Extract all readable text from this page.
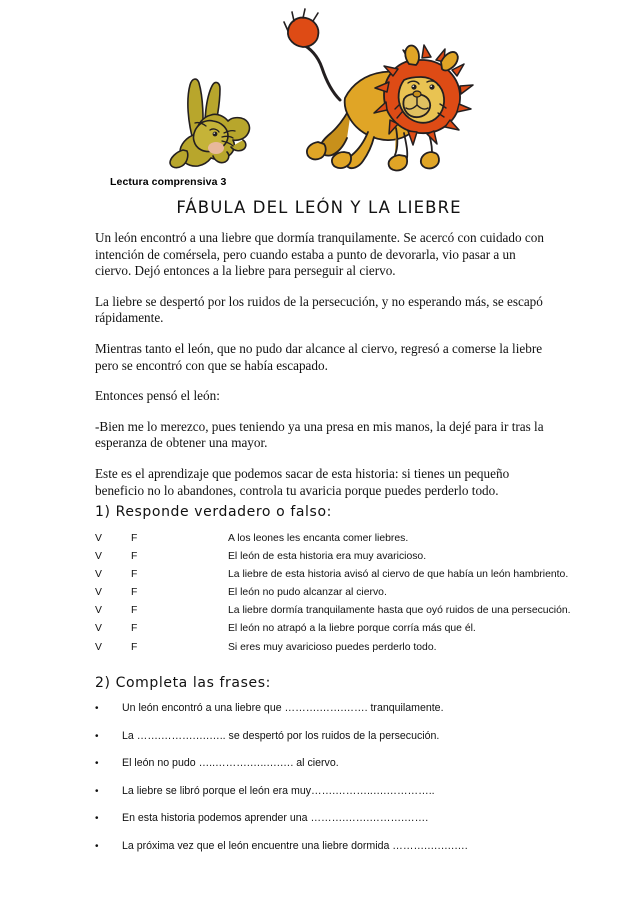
Lectura comprensiva 3
FÁBULA DEL LEÓN Y LA LIEBRE

Un león encontró a una liebre que dormía tranquilamente. Se acercó con cuidado con intención de comérsela, pero cuando estaba a punto de devorarla, vio pasar a un ciervo. Dejó entonces a la liebre para perseguir al ciervo.

La liebre se despertó por los ruidos de la persecución, y no esperando más, se escapó rápidamente.

Mientras tanto el león, que no pudo dar alcance al ciervo, regresó a comerse la liebre pero se encontró con que se había escapado.

Entonces pensó el león:

-Bien me lo merezco, pues teniendo ya una presa en mis manos, la dejé para ir tras la esperanza de obtener una mayor.

Este es el aprendizaje que podemos sacar de esta historia: si tienes un pequeño beneficio no lo abandones, controla tu avaricia porque puedes perderlo todo.

1) Responde verdadero o falso:

V	F	A los leones les encanta comer liebres.
V	F	El león de esta historia era muy avaricioso.
V	F	La liebre de esta historia avisó al ciervo de que había un león hambriento.
V	F	El león no pudo alcanzar al ciervo.
V	F	La liebre dormía tranquilamente hasta que oyó ruidos de una persecución.
V	F	El león no atrapó a la liebre porque corría más que él.
V	F	Si eres muy avaricioso puedes perderlo todo.

2) Completa las frases:

•	Un león encontró a una liebre que ……….…….……. tranquilamente.
•	La …….……….….….. se despertó por los ruidos de la persecución.
•	El león no pudo …..……….…..….…. al ciervo.
•	La liebre se libró porque el león era muy…….………..….…………..
•	En esta historia podemos aprender una ……….…….……….…….
•	La próxima vez que el león encuentre una liebre dormida ……….….….….
